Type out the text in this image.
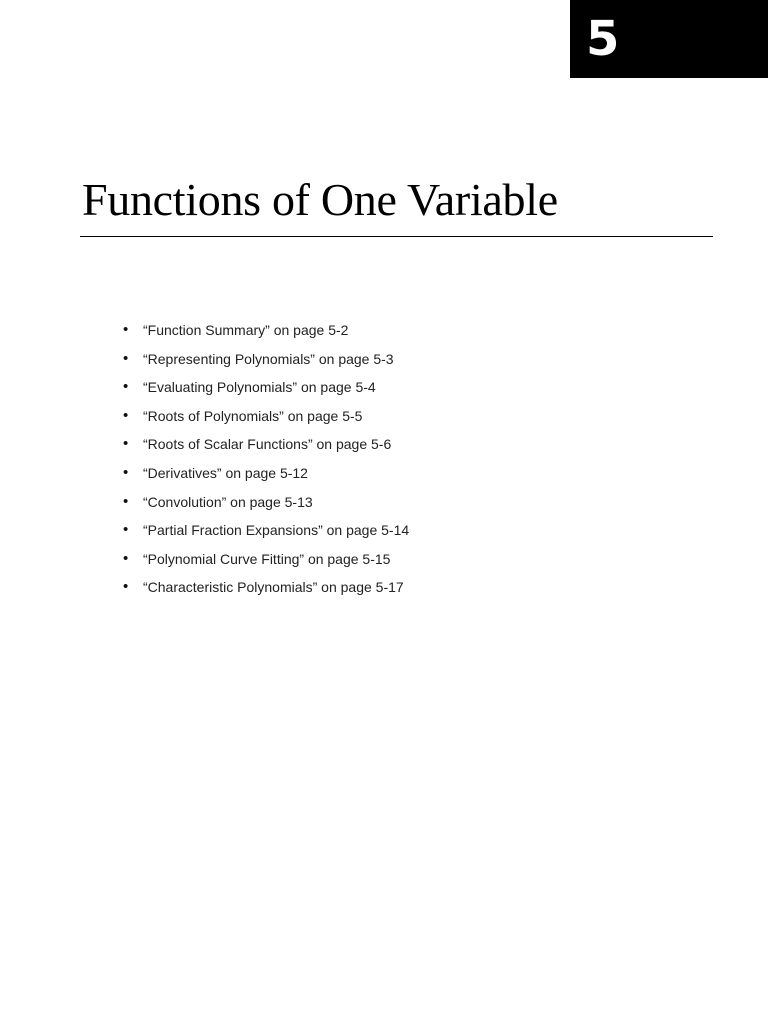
5
Functions of One Variable
• “Function Summary” on page 5-2
• “Representing Polynomials” on page 5-3
• “Evaluating Polynomials” on page 5-4
• “Roots of Polynomials” on page 5-5
• “Roots of Scalar Functions” on page 5-6
• “Derivatives” on page 5-12
• “Convolution” on page 5-13
• “Partial Fraction Expansions” on page 5-14
• “Polynomial Curve Fitting” on page 5-15
• “Characteristic Polynomials” on page 5-17
